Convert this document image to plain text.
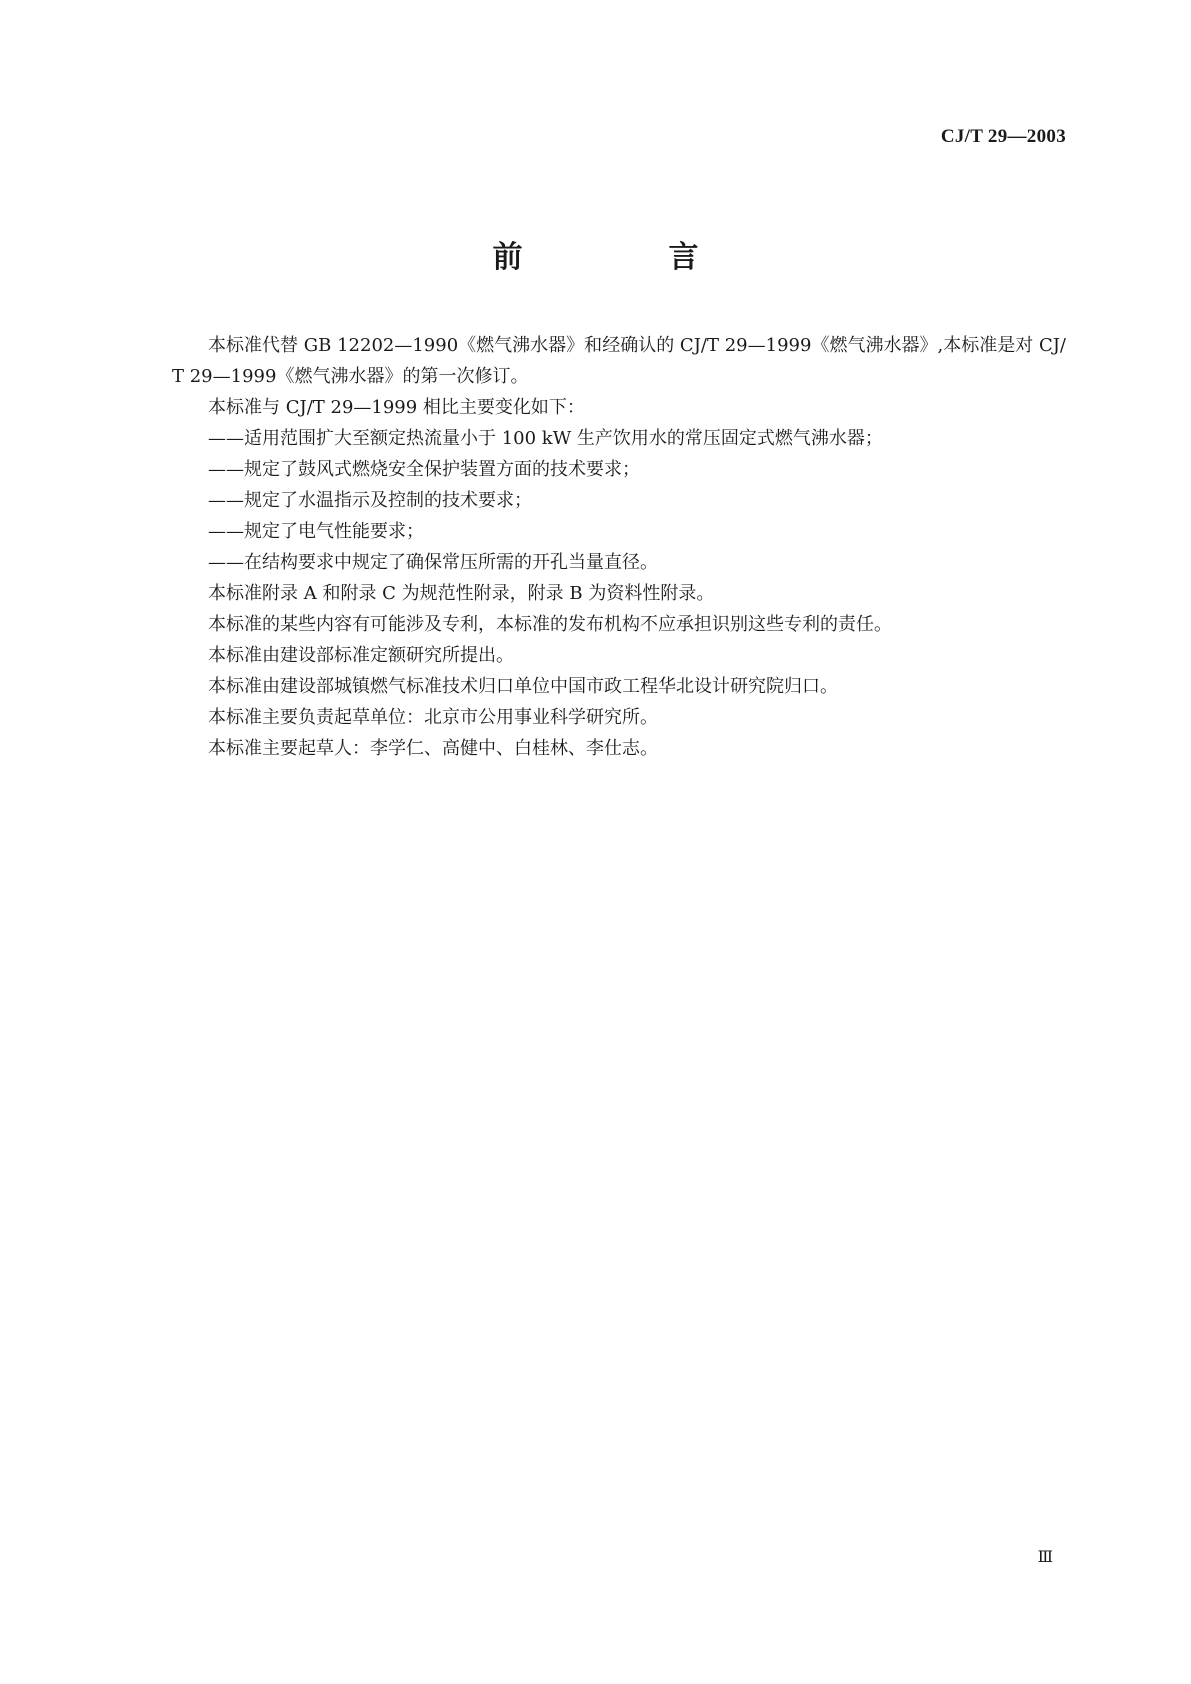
CJ/T 29—2003
前　言

本标准代替 GB 12202—1990《燃气沸水器》和经确认的 CJ/T 29—1999《燃气沸水器》,本标准是对 CJ/T 29—1999《燃气沸水器》的第一次修订。

本标准与 CJ/T 29—1999 相比主要变化如下：

——适用范围扩大至额定热流量小于 100 kW 生产饮用水的常压固定式燃气沸水器；

——规定了鼓风式燃烧安全保护装置方面的技术要求；

——规定了水温指示及控制的技术要求；

——规定了电气性能要求；

——在结构要求中规定了确保常压所需的开孔当量直径。

本标准附录 A 和附录 C 为规范性附录，附录 B 为资料性附录。

本标准的某些内容有可能涉及专利，本标准的发布机构不应承担识别这些专利的责任。

本标准由建设部标准定额研究所提出。

本标准由建设部城镇燃气标准技术归口单位中国市政工程华北设计研究院归口。

本标准主要负责起草单位：北京市公用事业科学研究所。

本标准主要起草人：李学仁、高健中、白桂林、李仕志。

Ⅲ
